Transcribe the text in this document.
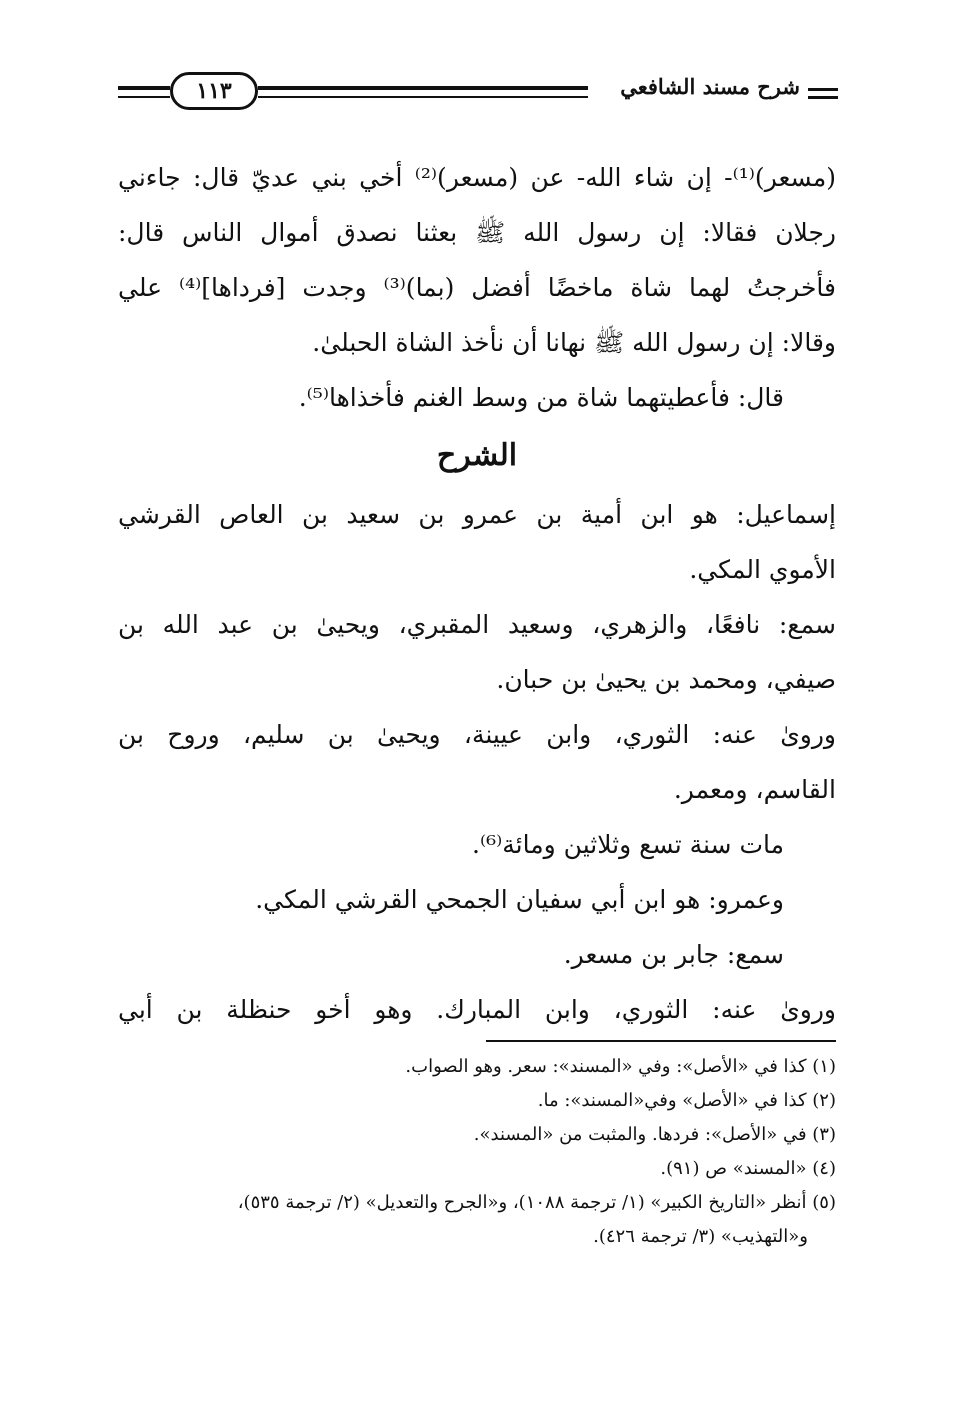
شرح مسند الشافعي
١١٣
(مسعر)⁽¹⁾- إن شاء الله- عن (مسعر)⁽²⁾ أخي بني عديّ قال: جاءني
رجلان فقالا: إن رسول الله ﷺ بعثنا نصدق أموال الناس قال:
فأخرجتُ لهما شاة ماخضًا أفضل (بما)⁽³⁾ وجدت [فرداها]⁽⁴⁾ علي
وقالا: إن رسول الله ﷺ نهانا أن نأخذ الشاة الحبلىٰ.
قال: فأعطيتهما شاة من وسط الغنم فأخذاها⁽⁵⁾.
الشرح
إسماعيل: هو ابن أمية بن عمرو بن سعيد بن العاص القرشي
الأموي المكي.
سمع: نافعًا، والزهري، وسعيد المقبري، ويحيىٰ بن عبد الله بن
صيفي، ومحمد بن يحيىٰ بن حبان.
وروىٰ عنه: الثوري، وابن عيينة، ويحيىٰ بن سليم، وروح بن
القاسم، ومعمر.
مات سنة تسع وثلاثين ومائة⁽⁶⁾.
وعمرو: هو ابن أبي سفيان الجمحي القرشي المكي.
سمع: جابر بن مسعر.
وروىٰ عنه: الثوري، وابن المبارك. وهو أخو حنظلة بن أبي
(١) كذا في «الأصل»: وفي «المسند»: سعر. وهو الصواب.
(٢) كذا في «الأصل» وفي«المسند»: ما.
(٣) في «الأصل»: فردها. والمثبت من «المسند».
(٤) «المسند» ص (٩١).
(٥) أنظر «التاريخ الكبير» (١/ ترجمة ١٠٨٨)، و«الجرح والتعديل» (٢/ ترجمة ٥٣٥)،
و«التهذيب» (٣/ ترجمة ٤٢٦).
